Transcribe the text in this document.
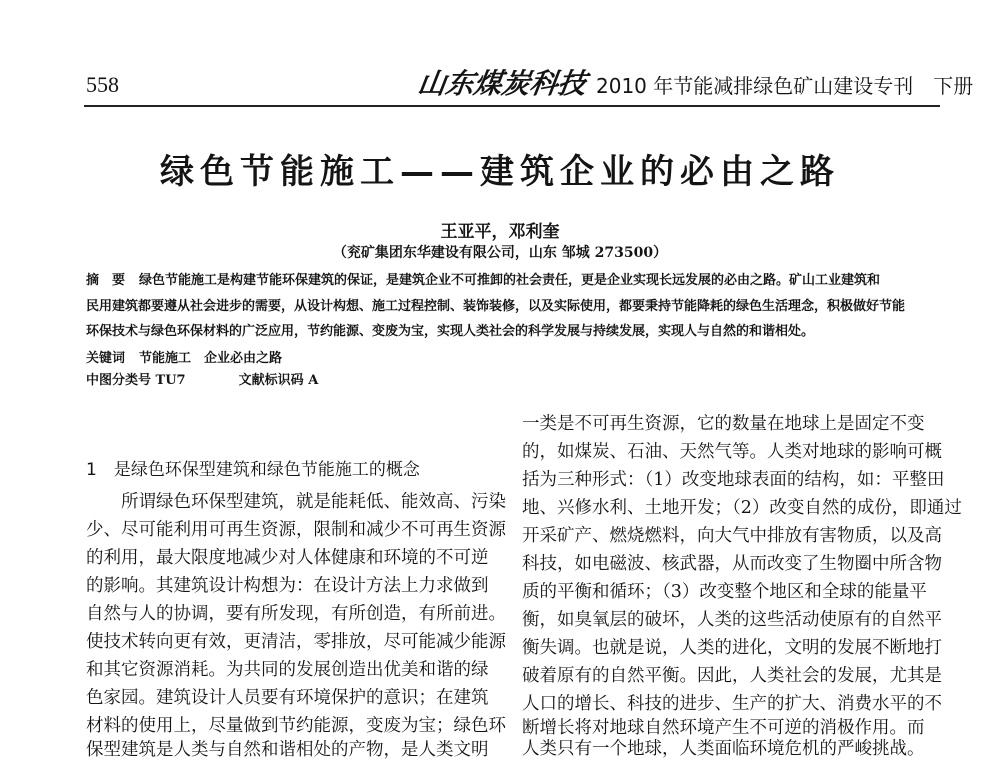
558	山东煤炭科技 2010 年节能减排绿色矿山建设专刊　下册
绿色节能施工——建筑企业的必由之路
王亚平，邓利奎
（兖矿集团东华建设有限公司，山东 邹城 273500）
摘　要 绿色节能施工是构建节能环保建筑的保证，是建筑企业不可推卸的社会责任，更是企业实现长远发展的必由之路。矿山工业建筑和
民用建筑都要遵从社会进步的需要，从设计构想、施工过程控制、装饰装修，以及实际使用，都要秉持节能降耗的绿色生活理念，积极做好节能
环保技术与绿色环保材料的广泛应用，节约能源、变废为宝，实现人类社会的科学发展与持续发展，实现人与自然的和谐相处。
关键词 节能施工　企业必由之路
中图分类号 TU7	文献标识码 A
1　是绿色环保型建筑和绿色节能施工的概念
　　所谓绿色环保型建筑，就是能耗低、能效高、污染
少、尽可能利用可再生资源，限制和减少不可再生资源
的利用，最大限度地减少对人体健康和环境的不可逆
的影响。其建筑设计构想为：在设计方法上力求做到
自然与人的协调，要有所发现，有所创造，有所前进。
使技术转向更有效，更清洁，零排放，尽可能减少能源
和其它资源消耗。为共同的发展创造出优美和谐的绿
色家园。建筑设计人员要有环境保护的意识；在建筑
材料的使用上，尽量做到节约能源，变废为宝；绿色环
保型建筑是人类与自然和谐相处的产物，是人类文明
一类是不可再生资源，它的数量在地球上是固定不变
的，如煤炭、石油、天然气等。人类对地球的影响可概
括为三种形式：（1）改变地球表面的结构，如：平整田
地、兴修水利、土地开发；（2）改变自然的成份，即通过
开采矿产、燃烧燃料，向大气中排放有害物质，以及高
科技，如电磁波、核武器，从而改变了生物圈中所含物
质的平衡和循环；（3）改变整个地区和全球的能量平
衡，如臭氧层的破坏，人类的这些活动使原有的自然平
衡失调。也就是说，人类的进化，文明的发展不断地打
破着原有的自然平衡。因此，人类社会的发展，尤其是
人口的增长、科技的进步、生产的扩大、消费水平的不
断增长将对地球自然环境产生不可逆的消极作用。而
人类只有一个地球，人类面临环境危机的严峻挑战。
